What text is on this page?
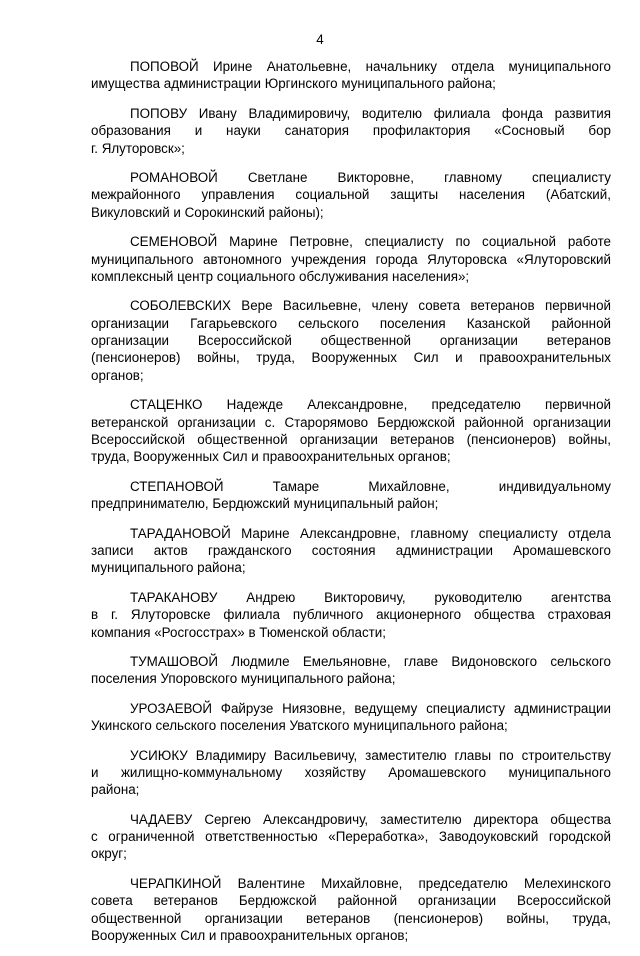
4
ПОПОВОЙ Ирине Анатольевне, начальнику отдела муниципального
имущества администрации Юргинского муниципального района;
ПОПОВУ Ивану Владимировичу, водителю филиала фонда развития
образования и науки санатория профилактория «Сосновый бор
г. Ялуторовск»;
РОМАНОВОЙ Светлане Викторовне, главному специалисту
межрайонного управления социальной защиты населения (Абатский,
Викуловский и Сорокинский районы);
СЕМЕНОВОЙ Марине Петровне, специалисту по социальной работе
муниципального автономного учреждения города Ялуторовска «Ялуторовский
комплексный центр социального обслуживания населения»;
СОБОЛЕВСКИХ Вере Васильевне, члену совета ветеранов первичной
организации Гагарьевского сельского поселения Казанской районной
организации Всероссийской общественной организации ветеранов
(пенсионеров) войны, труда, Вооруженных Сил и правоохранительных
органов;
СТАЦЕНКО Надежде Александровне, председателю первичной
ветеранской организации с. Старорямово Бердюжской районной организации
Всероссийской общественной организации ветеранов (пенсионеров) войны,
труда, Вооруженных Сил и правоохранительных органов;
СТЕПАНОВОЙ Тамаре Михайловне, индивидуальному
предпринимателю, Бердюжский муниципальный район;
ТАРАДАНОВОЙ Марине Александровне, главному специалисту отдела
записи актов гражданского состояния администрации Аромашевского
муниципального района;
ТАРАКАНОВУ Андрею Викторовичу, руководителю агентства
в г. Ялуторовске филиала публичного акционерного общества страховая
компания «Росгосстрах» в Тюменской области;
ТУМАШОВОЙ Людмиле Емельяновне, главе Видоновского сельского
поселения Упоровского муниципального района;
УРОЗАЕВОЙ Файрузе Ниязовне, ведущему специалисту администрации
Укинского сельского поселения Уватского муниципального района;
УСИЮКУ Владимиру Васильевичу, заместителю главы по строительству
и жилищно-коммунальному хозяйству Аромашевского муниципального
района;
ЧАДАЕВУ Сергею Александровичу, заместителю директора общества
с ограниченной ответственностью «Переработка», Заводоуковский городской
округ;
ЧЕРАПКИНОЙ Валентине Михайловне, председателю Мелехинского
совета ветеранов Бердюжской районной организации Всероссийской
общественной организации ветеранов (пенсионеров) войны, труда,
Вооруженных Сил и правоохранительных органов;
